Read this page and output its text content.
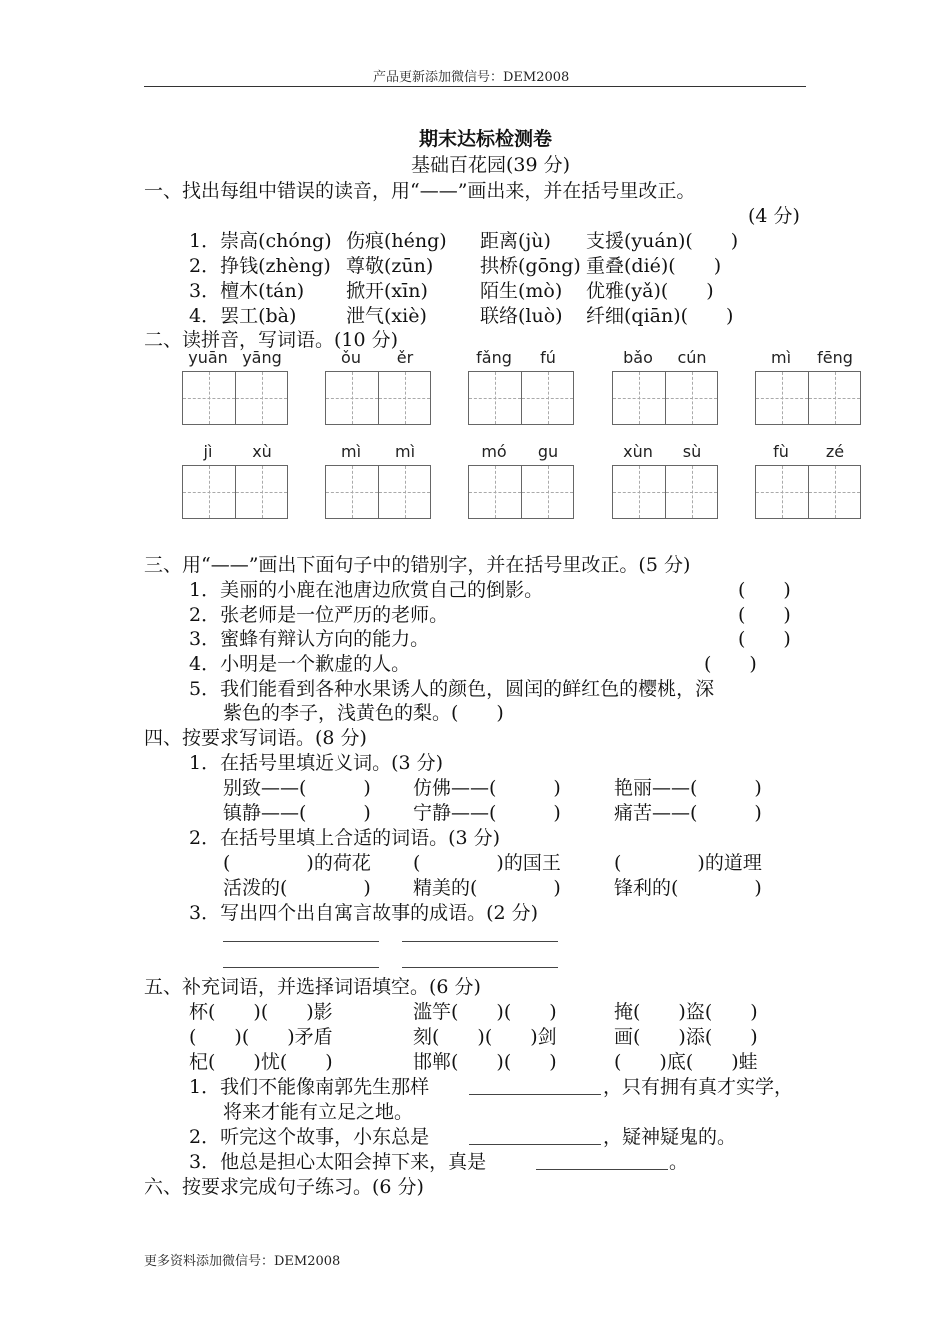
产品更新添加微信号：DEM2008
期末达标检测卷
基础百花园(39 分)
一、找出每组中错误的读音，用“——”画出来，并在括号里改正。
(4 分)
1．崇高(chóng) 伤痕(héng) 距离(jù) 支援(yuán)(　　)
2．挣钱(zhèng) 尊敬(zūn) 拱桥(gōng) 重叠(dié)(　　)
3．檀木(tán) 掀开(xīn)	陌生(mò) 优雅(yǎ)(　　)
4．罢工(bà)	泄气(xiè)	联络(luò) 纤细(qiān)(　　)
二、读拼音，写词语。(10 分)
yuān yāng	ǒu	ěr	fǎng	fú	bǎo	cún	mì	fēng
jì	xù	mì	mì	mó	gu	xùn	sù	fù	zé
三、用“——”画出下面句子中的错别字，并在括号里改正。(5 分)
1．美丽的小鹿在池唐边欣赏自己的倒影。	(　　)
2．张老师是一位严历的老师。	(　　)
3．蜜蜂有辩认方向的能力。	(　　)
4．小明是一个歉虚的人。	(　　)
5．我们能看到各种水果诱人的颜色，圆闰的鲜红色的樱桃，深
紫色的李子，浅黄色的梨。(　　)
四、按要求写词语。(8 分)
1．在括号里填近义词。(3 分)
别致——(　　　) 仿佛——(　　　)	艳丽——(　　　)
镇静——(　　　) 宁静——(　　　)	痛苦——(　　　)
2．在括号里填上合适的词语。(3 分)
(　　　　)的荷花 (　　　　)的国王	(　　　　)的道理
活泼的(　　　　) 精美的(　　　　)	锋利的(　　　　)
3．写出四个出自寓言故事的成语。(2 分)
五、补充词语，并选择词语填空。(6 分)
杯(　　)(　　)影	滥竽(　　)(　　)	掩(　　)盗(　　)
(　　)(　　)矛盾	刻(　　)(　　)剑	画(　　)添(　　)
杞(　　)忧(　　)	邯郸(　　)(　　)	(　　)底(　　)蛙
1．我们不能像南郭先生那样	，只有拥有真才实学，
将来才能有立足之地。
2．听完这个故事，小东总是	，疑神疑鬼的。
3．他总是担心太阳会掉下来，真是	。
六、按要求完成句子练习。(6 分)
更多资料添加微信号：DEM2008
